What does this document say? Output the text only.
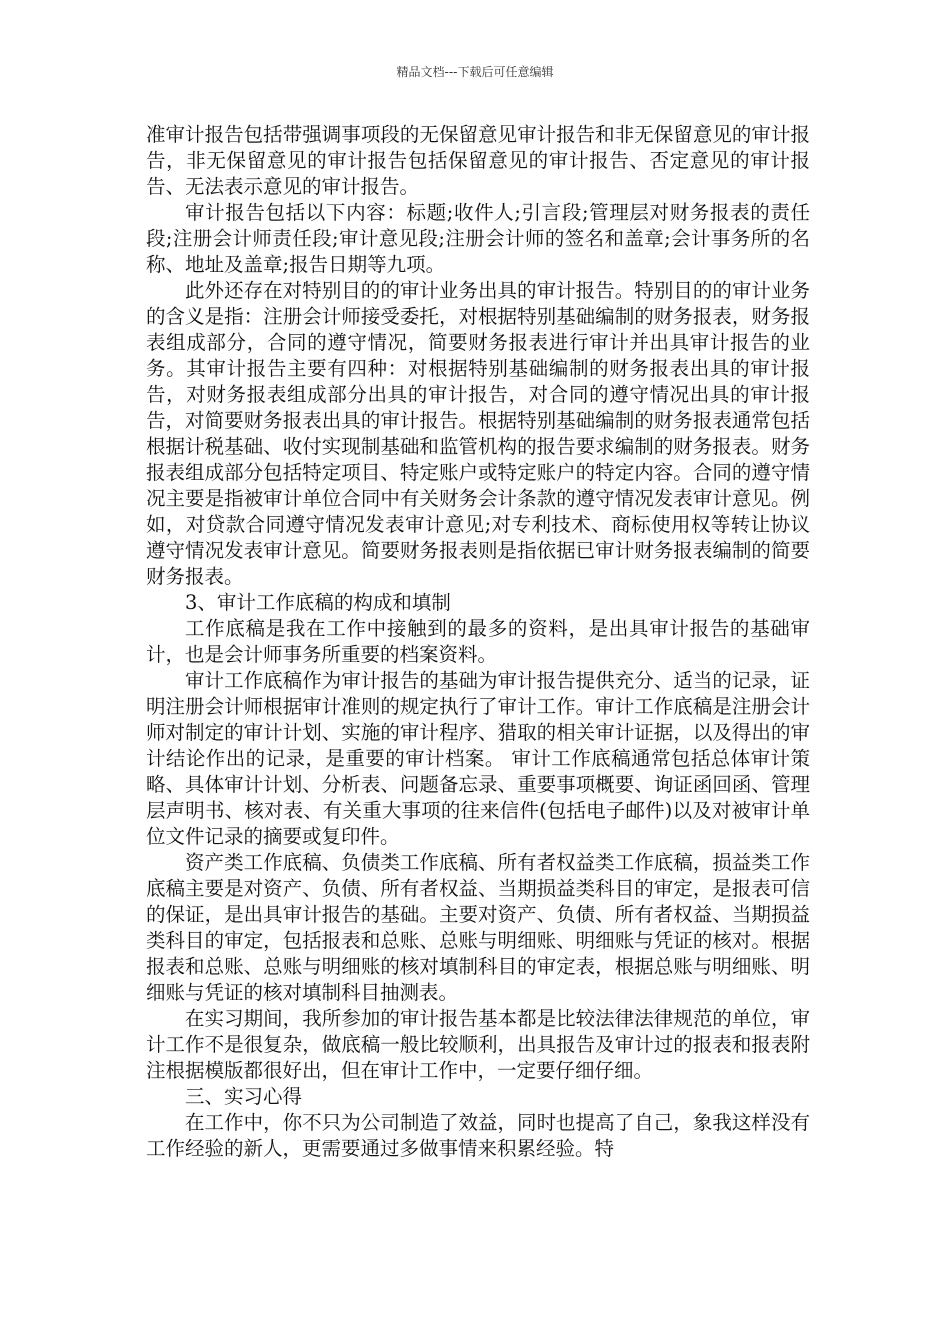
精品文档---下载后可任意编辑

准审计报告包括带强调事项段的无保留意见审计报告和非无保留意见的审计报告，非无保留意见的审计报告包括保留意见的审计报告、否定意见的审计报告、无法表示意见的审计报告。

审计报告包括以下内容：标题;收件人;引言段;管理层对财务报表的责任段;注册会计师责任段;审计意见段;注册会计师的签名和盖章;会计事务所的名称、地址及盖章;报告日期等九项。

此外还存在对特别目的的审计业务出具的审计报告。特别目的的审计业务的含义是指：注册会计师接受委托，对根据特别基础编制的财务报表，财务报表组成部分，合同的遵守情况，简要财务报表进行审计并出具审计报告的业务。其审计报告主要有四种：对根据特别基础编制的财务报表出具的审计报告，对财务报表组成部分出具的审计报告，对合同的遵守情况出具的审计报告，对简要财务报表出具的审计报告。根据特别基础编制的财务报表通常包括根据计税基础、收付实现制基础和监管机构的报告要求编制的财务报表。财务报表组成部分包括特定项目、特定账户或特定账户的特定内容。合同的遵守情况主要是指被审计单位合同中有关财务会计条款的遵守情况发表审计意见。例如，对贷款合同遵守情况发表审计意见;对专利技术、商标使用权等转让协议遵守情况发表审计意见。简要财务报表则是指依据已审计财务报表编制的简要财务报表。

3、审计工作底稿的构成和填制

工作底稿是我在工作中接触到的最多的资料，是出具审计报告的基础审计，也是会计师事务所重要的档案资料。

审计工作底稿作为审计报告的基础为审计报告提供充分、适当的记录，证明注册会计师根据审计准则的规定执行了审计工作。审计工作底稿是注册会计师对制定的审计计划、实施的审计程序、猎取的相关审计证据，以及得出的审计结论作出的记录，是重要的审计档案。 审计工作底稿通常包括总体审计策略、具体审计计划、分析表、问题备忘录、重要事项概要、询证函回函、管理层声明书、核对表、有关重大事项的往来信件(包括电子邮件)以及对被审计单位文件记录的摘要或复印件。

资产类工作底稿、负债类工作底稿、所有者权益类工作底稿，损益类工作底稿主要是对资产、负债、所有者权益、当期损益类科目的审定，是报表可信的保证，是出具审计报告的基础。主要对资产、负债、所有者权益、当期损益类科目的审定，包括报表和总账、总账与明细账、明细账与凭证的核对。根据报表和总账、总账与明细账的核对填制科目的审定表，根据总账与明细账、明细账与凭证的核对填制科目抽测表。

在实习期间，我所参加的审计报告基本都是比较法律法律规范的单位，审计工作不是很复杂，做底稿一般比较顺利，出具报告及审计过的报表和报表附注根据模版都很好出，但在审计工作中，一定要仔细仔细。

三、实习心得

在工作中，你不只为公司制造了效益，同时也提高了自己，象我这样没有工作经验的新人，更需要通过多做事情来积累经验。特
